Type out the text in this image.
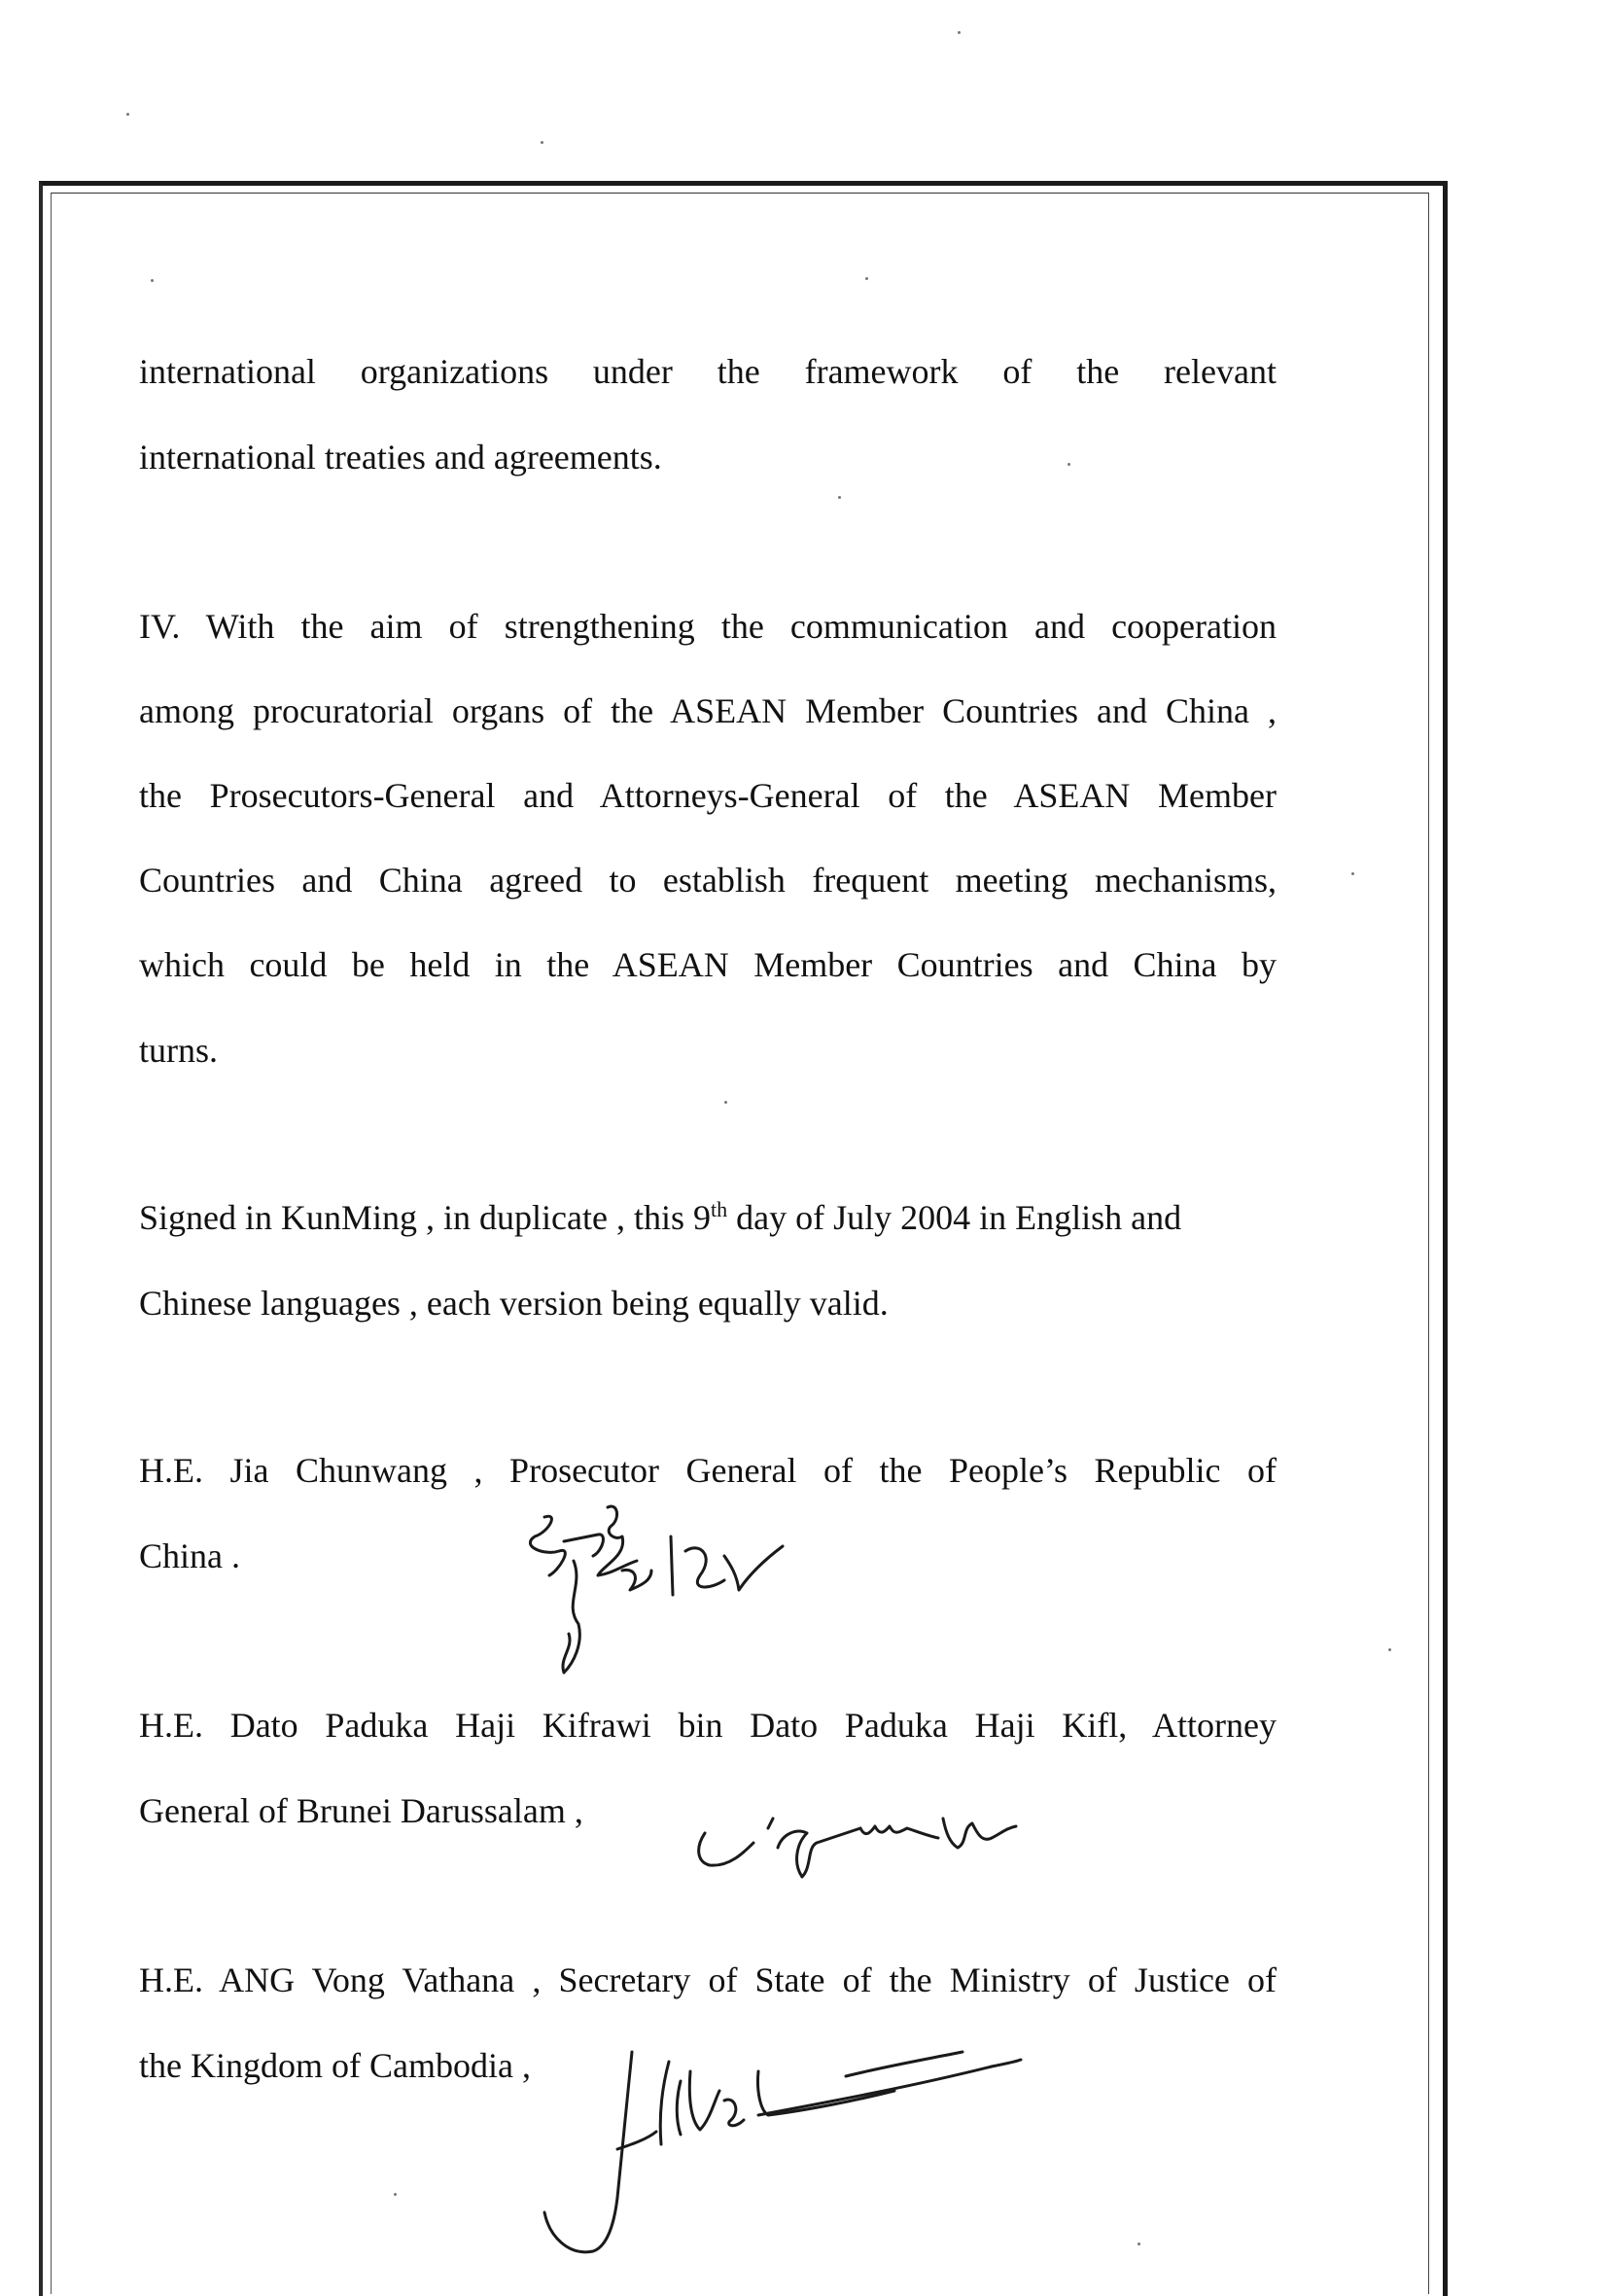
international organizations under the framework of the relevant

international treaties and agreements.

IV. With the aim of strengthening the communication and cooperation

among procuratorial organs of the ASEAN Member Countries and China ,

the Prosecutors-General and Attorneys-General of the ASEAN Member

Countries and China agreed to establish frequent meeting mechanisms,

which could be held in the ASEAN Member Countries and China by

turns.

Signed in KunMing , in duplicate , this 9th day of July 2004 in English and

Chinese languages , each version being equally valid.

H.E. Jia Chunwang , Prosecutor General of the People’s Republic of

China .

H.E. Dato Paduka Haji Kifrawi bin Dato Paduka Haji Kifl, Attorney

General of Brunei Darussalam ,

H.E. ANG Vong Vathana , Secretary of State of the Ministry of Justice of

the Kingdom of Cambodia ,
